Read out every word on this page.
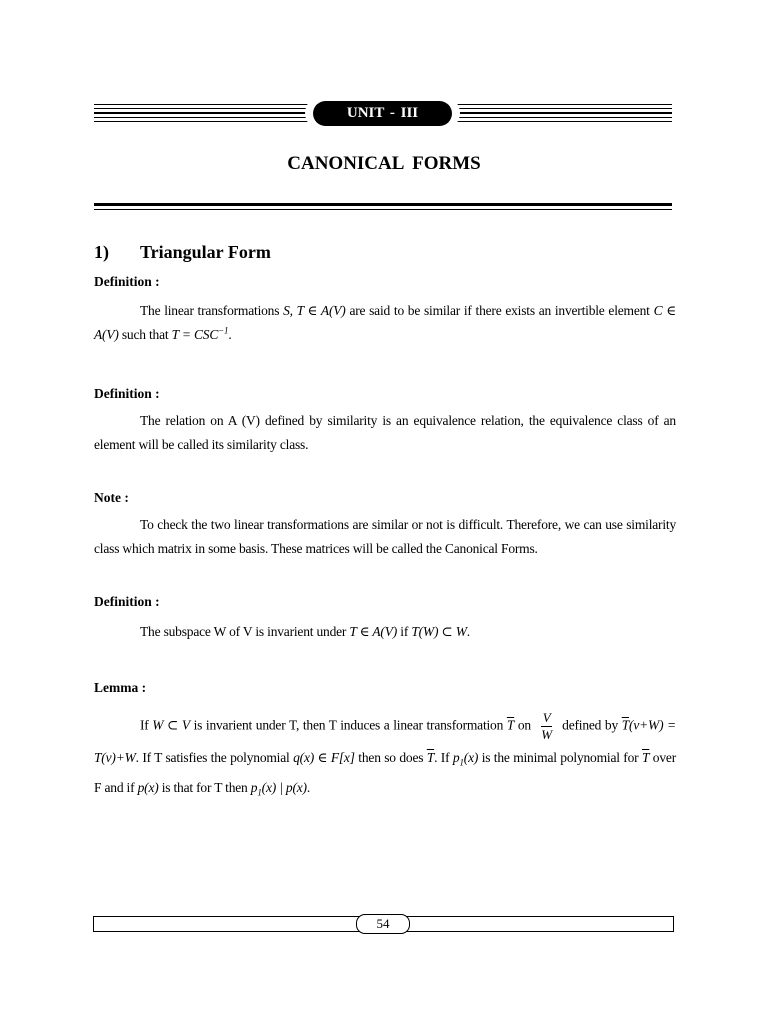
UNIT - III
CANONICAL FORMS
1) Triangular Form
Definition :
The linear transformations S, T ∈ A(V) are said to be similar if there exists an invertible element C ∈ A(V) such that $T = CSC^{-1}$.
Definition :
The relation on A (V) defined by similarity is an equivalence relation, the equivalence class of an element will be called its similarity class.
Note :
To check the two linear transformations are similar or not is difficult. Therefore, we can use similarity class which matrix in some basis. These matrices will be called the Canonical Forms.
Definition :
The subspace W of V is invarient under T ∈ A(V) if T(W) ⊂ W.
Lemma :
If W ⊂ V is invarient under T, then T induces a linear transformation $\overline{T}$ on $\frac{V}{W}$ defined by $\overline{T}(v+W) = T(v)+W$. If T satisfies the polynomial q(x) ∈ F[x] then so does $\overline{T}$. If $p_1(x)$ is the minimal polynomial for $\overline{T}$ over F and if p(x) is that for T then $p_1(x)$ | p(x).
54
